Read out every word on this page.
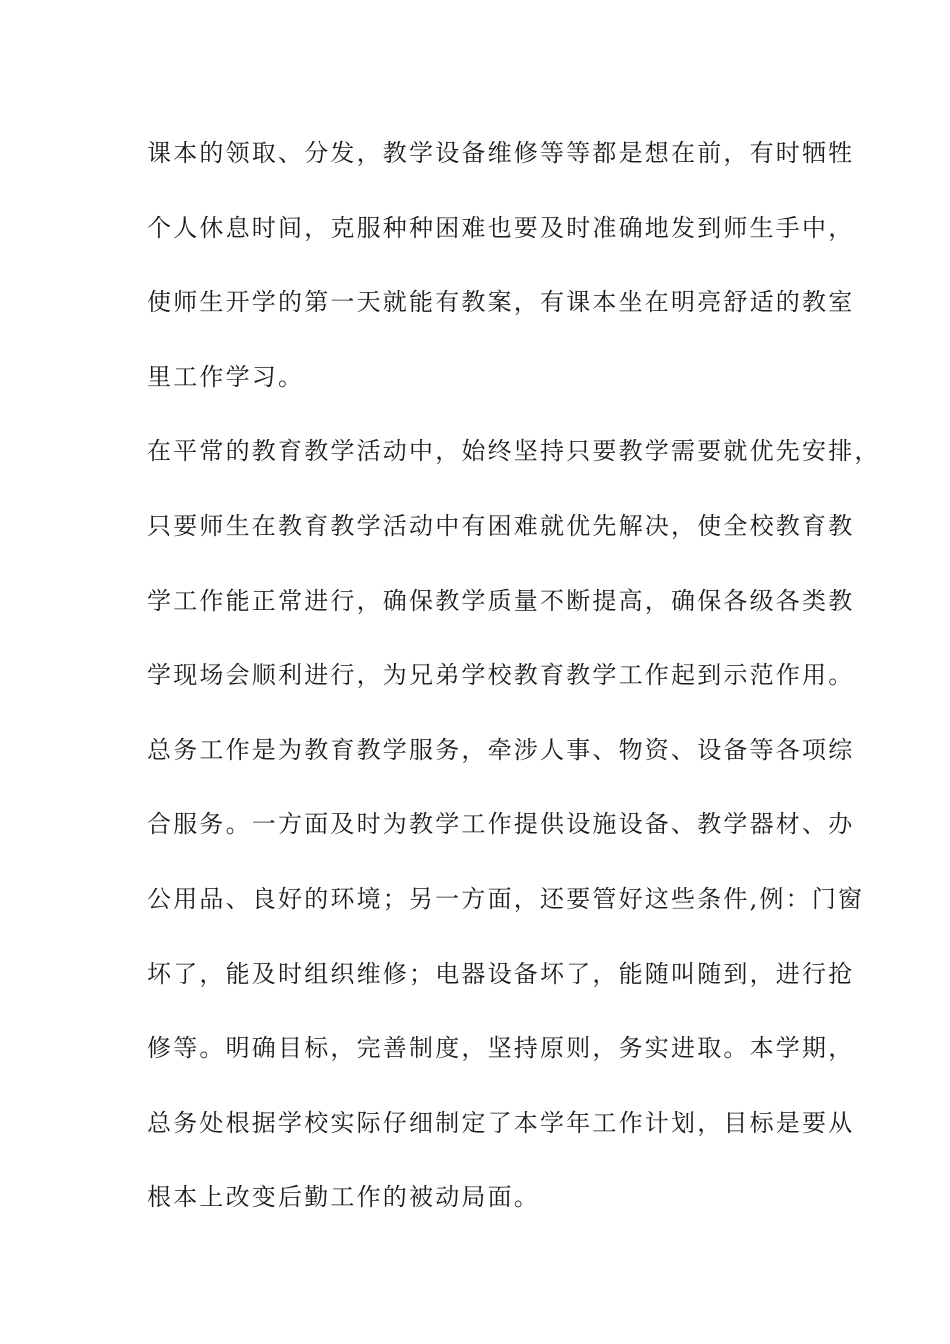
课本的领取、分发，教学设备维修等等都是想在前，有时牺牲
个人休息时间，克服种种困难也要及时准确地发到师生手中，
使师生开学的第一天就能有教案，有课本坐在明亮舒适的教室
里工作学习。
在平常的教育教学活动中，始终坚持只要教学需要就优先安排，
只要师生在教育教学活动中有困难就优先解决，使全校教育教
学工作能正常进行，确保教学质量不断提高，确保各级各类教
学现场会顺利进行，为兄弟学校教育教学工作起到示范作用。
总务工作是为教育教学服务，牵涉人事、物资、设备等各项综
合服务。一方面及时为教学工作提供设施设备、教学器材、办
公用品、良好的环境；另一方面，还要管好这些条件,例：门窗
坏了，能及时组织维修；电器设备坏了，能随叫随到，进行抢
修等。明确目标，完善制度，坚持原则，务实进取。本学期，
总务处根据学校实际仔细制定了本学年工作计划，目标是要从
根本上改变后勤工作的被动局面。
